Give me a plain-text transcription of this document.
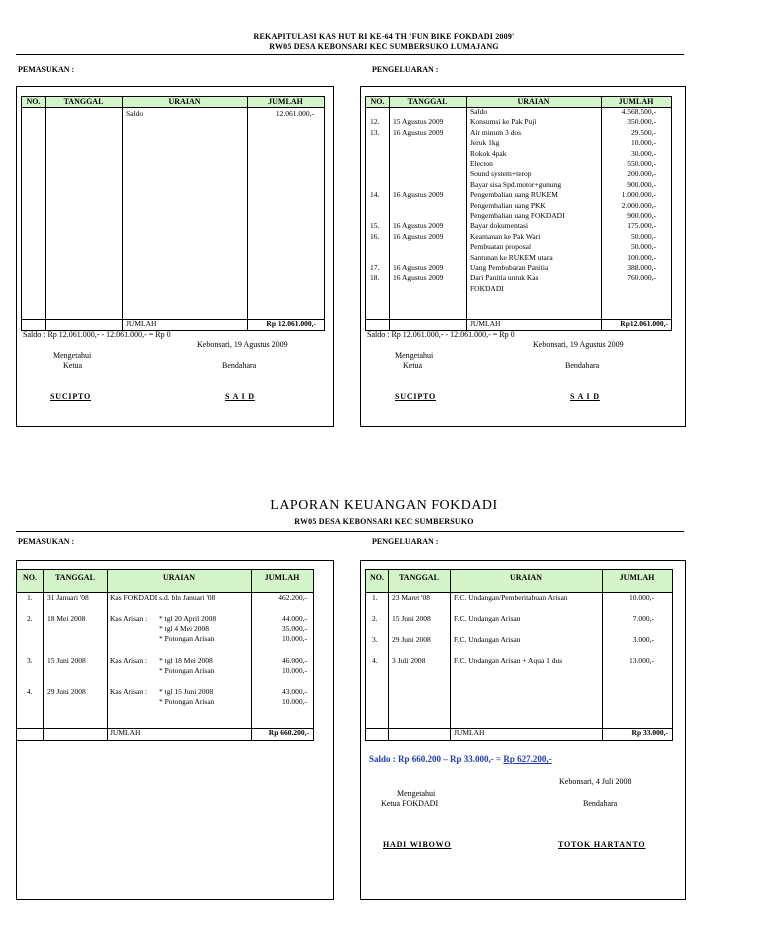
REKAPITULASI KAS HUT RI KE-64 TH 'FUN BIKE FOKDADI 2009'
RW05 DESA KEBONSARI KEC SUMBERSUKO LUMAJANG
PEMASUKAN :	PENGELUARAN :
NO.	TANGGAL	URAIAN	JUMLAH
Saldo	12.061.000,-
JUMLAH	Rp 12.061.000,-
Saldo : Rp 12.061.000,- - 12.061.000,- = Rp 0
Kebonsari, 19 Agustus 2009
Mengetahui
Ketua	Bendahara
SUCIPTO	S A I D
NO.	TANGGAL	URAIAN	JUMLAH
Saldo	4.568.500,-
12. 15 Agustus 2009	Konsumsi ke Pak Puji	350.000,-
13. 16 Agustus 2009	Air minum 3 dos	29.500,-
Jeruk 1kg	10.000,-
Rokok 4pak	30.000,-
Electon	550.000,-
Sound system+terop	200.000,-
Bayar sisa Spd.motor+gunung	900.000,-
14. 16 Agustus 2009	Pengembalian uang RUKEM	1.000.000,-
Pengembalian uang PKK	2.000.000,-
Pengembalian uang FOKDADI	900.000,-
15. 16 Agustus 2009	Bayar dokumentasi	175.000,-
16. 16 Agustus 2009	Keamanan ke Pak Wari	50.000,-
Pembuatan proposal	50.000,-
Santunan ke RUKEM utara	100.000,-
17. 16 Agustus 2009	Uang Pembubaran Panitia	388.000,-
18. 16 Agustus 2009	Dari Panitia untuk Kas	760.000,-
FOKDADI
JUMLAH	Rp12.061.000,-
Saldo : Rp 12.061.000,- - 12.061.000,- = Rp 0
Kebonsari, 19 Agustus 2009
Mengetahui
Ketua	Bendahara
SUCIPTO	S A I D
LAPORAN KEUANGAN FOKDADI
RW05 DESA KEBONSARI KEC SUMBERSUKO
PEMASUKAN :	PENGELUARAN :
NO.	TANGGAL	URAIAN	JUMLAH
1. 31 Januari '08	Kas FOKDADI s.d. bln Januari '08	462.200,-
2. 18 Mei 2008	Kas Arisan : * tgl 20 April 2008	44.000,-
* tgl 4 Mei 2008	35.000,-
* Potongan Arisan	10.000,-
3. 15 Juni 2008	Kas Arisan : * tgl 18 Mei 2008	46.000,-
* Potongan Arisan	10.000,-
4. 29 Juni 2008	Kas Arisan : * tgl 15 Juni 2008	43.000,-
* Potongan Arisan	10.000,-
JUMLAH	Rp 660.200,-
NO.	TANGGAL	URAIAN	JUMLAH
1. 23 Maret '08	F.C. Undangan/Pemberitahuan Arisan	10.000,-
2. 15 Juni 2008	F.C. Undangan Arisan	7.000,-
3. 29 Juni 2008	F.C. Undangan Arisan	3.000,-
4. 3 Juli 2008	F.C. Undangan Arisan + Aqua 1 dus	13.000,-
JUMLAH	Rp 33.000,-
Saldo : Rp 660.200 – Rp 33.000,- = Rp 627.200,-
Kebonsari, 4 Juli 2008
Mengetahui
Ketua FOKDADI	Bendahara
HADI WIBOWO	TOTOK HARTANTO
